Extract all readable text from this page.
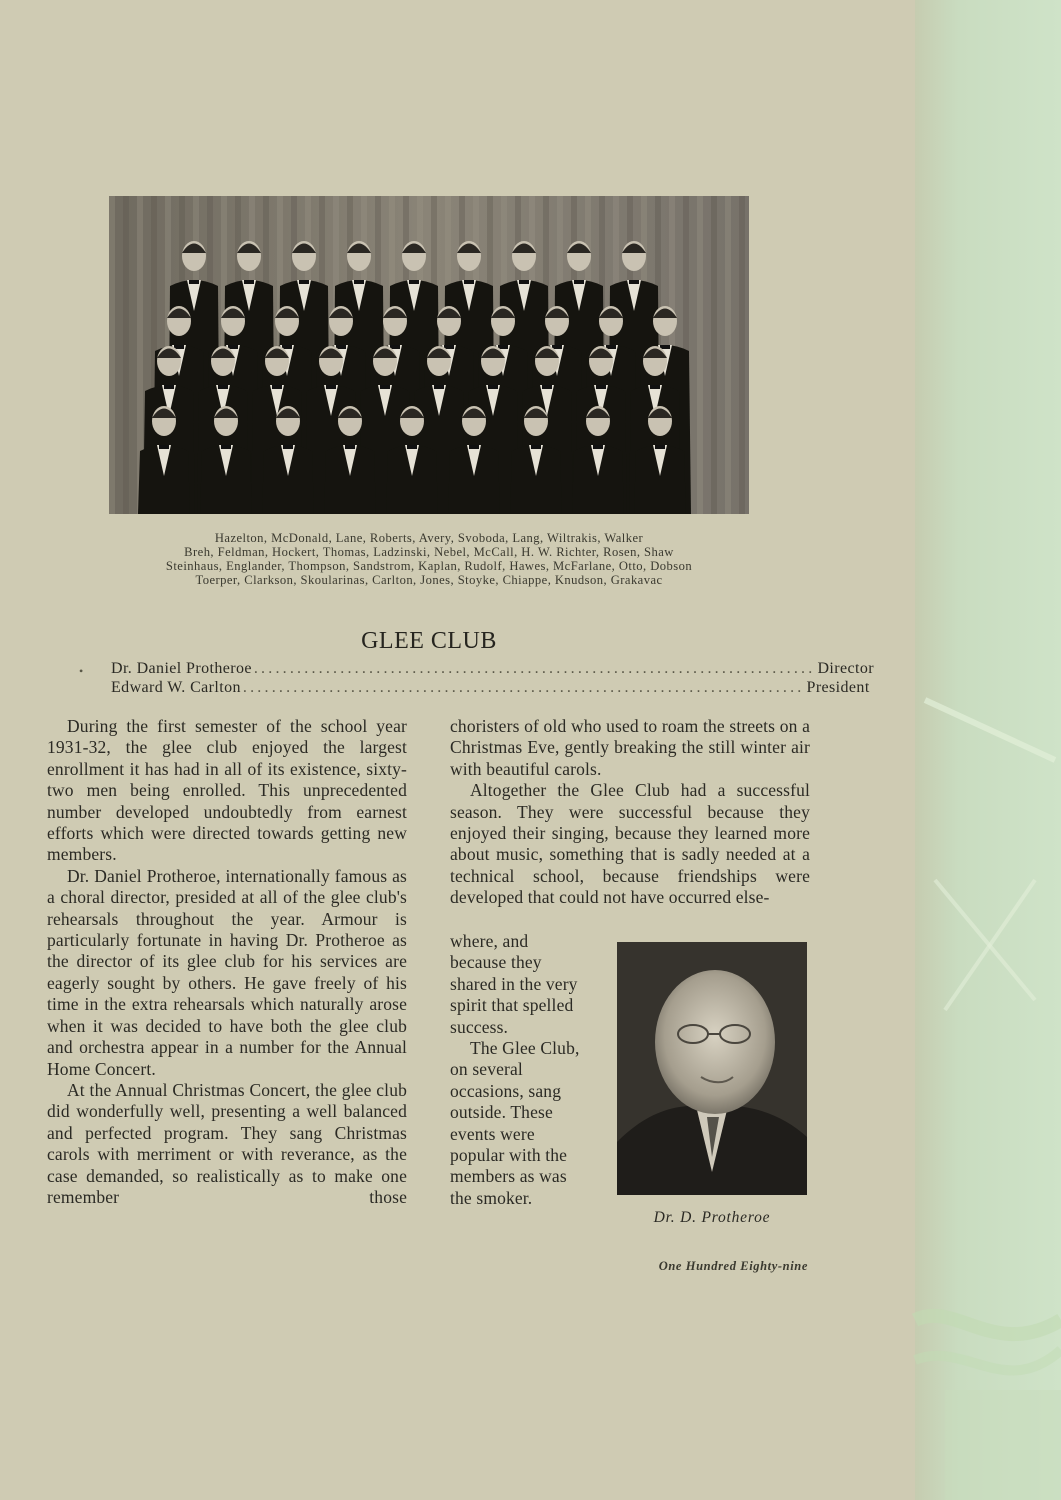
Hazelton, McDonald, Lane, Roberts, Avery, Svoboda, Lang, Wiltrakis, Walker
Breh, Feldman, Hockert, Thomas, Ladzinski, Nebel, McCall, H. W. Richter, Rosen, Shaw
Steinhaus, Englander, Thompson, Sandstrom, Kaplan, Rudolf, Hawes, McFarlane, Otto, Dobson
Toerper, Clarkson, Skoularinas, Carlton, Jones, Stoyke, Chiappe, Knudson, Grakavac
GLEE CLUB
• Dr. Daniel Protheroe .............................................................................. Director
Edward W. Carlton .............................................................................. President

During the first semester of the school year 1931-32, the glee club enjoyed the largest enrollment it has had in all of its existence, sixty-two men being enrolled. This unprecedented number developed undoubtedly from earnest efforts which were directed towards getting new members.

Dr. Daniel Protheroe, internationally famous as a choral director, presided at all of the glee club's rehearsals throughout the year. Armour is particularly fortunate in having Dr. Protheroe as the director of its glee club for his services are eagerly sought by others. He gave freely of his time in the extra rehearsals which naturally arose when it was decided to have both the glee club and orchestra appear in a number for the Annual Home Concert.

At the Annual Christmas Concert, the glee club did wonderfully well, presenting a well balanced and perfected program. They sang Christmas carols with merriment or with reverance, as the case demanded, so realistically as to make one remember those

choristers of old who used to roam the streets on a Christmas Eve, gently breaking the still winter air with beautiful carols.

Altogether the Glee Club had a successful season. They were successful because they enjoyed their singing, because they learned more about music, something that is sadly needed at a technical school, because friendships were developed that could not have occurred else-

where, and because they shared in the very spirit that spelled success.

The Glee Club, on several occasions, sang outside. These events were popular with the members as was the smoker.

Dr. D. Protheroe
One Hundred Eighty-nine
